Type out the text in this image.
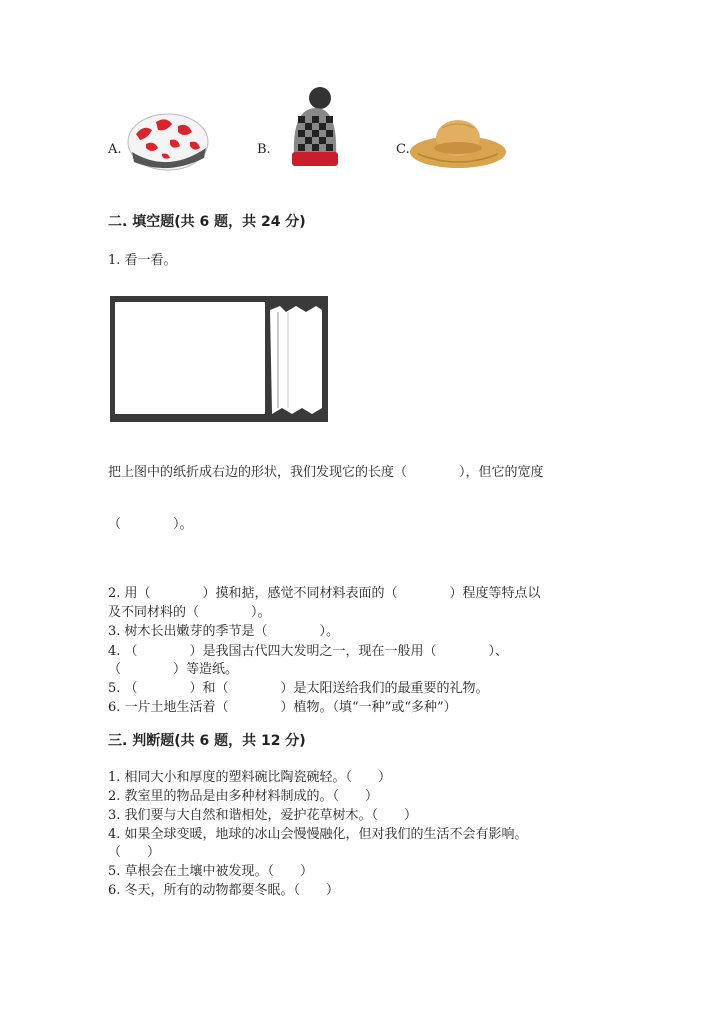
A.	B.	C.
二. 填空题(共 6 题，共 24 分)
1. 看一看。
把上图中的纸折成右边的形状，我们发现它的长度（　　　　），但它的宽度
（　　　　）。
2. 用（　　　　）摸和掂，感觉不同材料表面的（　　　　）程度等特点以
及不同材料的（　　　　）。
3. 树木长出嫩芽的季节是（　　　　）。
4. （　　　　）是我国古代四大发明之一，现在一般用（　　　　）、
（　　　　）等造纸。
5. （　　　　）和（　　　　）是太阳送给我们的最重要的礼物。
6. 一片土地生活着（　　　　）植物。（填“一种”或“多种”）
三. 判断题(共 6 题，共 12 分)
1. 相同大小和厚度的塑料碗比陶瓷碗轻。（　　）
2. 教室里的物品是由多种材料制成的。（　　）
3. 我们要与大自然和谐相处，爱护花草树木。（　　）
4. 如果全球变暖，地球的冰山会慢慢融化，但对我们的生活不会有影响。
（　　）
5. 草根会在土壤中被发现。（　　）
6. 冬天，所有的动物都要冬眠。（　　）
